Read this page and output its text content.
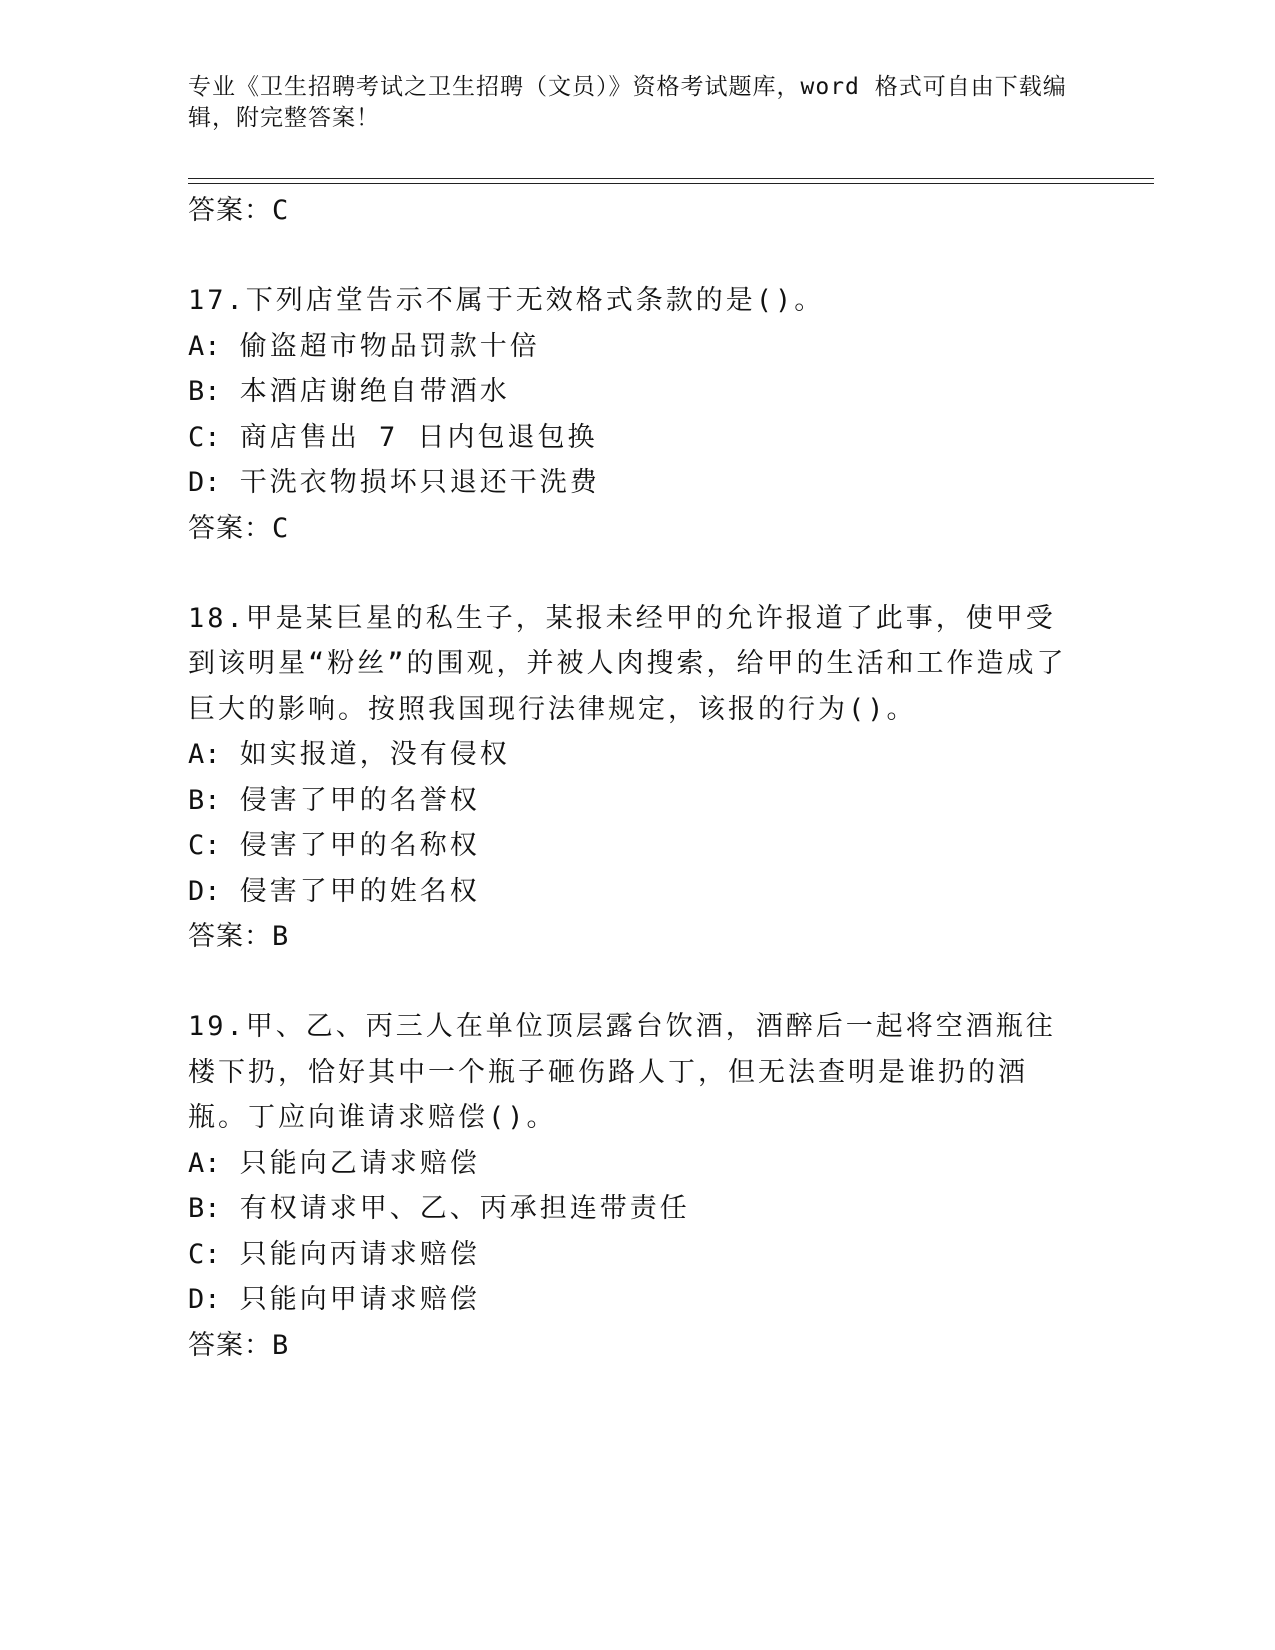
专业《卫生招聘考试之卫生招聘（文员）》资格考试题库，word 格式可自由下载编辑，附完整答案！
答案：C
17.下列店堂告示不属于无效格式条款的是()。
A: 偷盗超市物品罚款十倍
B: 本酒店谢绝自带酒水
C: 商店售出 7 日内包退包换
D: 干洗衣物损坏只退还干洗费
答案：C
18.甲是某巨星的私生子，某报未经甲的允许报道了此事，使甲受到该明星“粉丝”的围观，并被人肉搜索，给甲的生活和工作造成了巨大的影响。按照我国现行法律规定，该报的行为()。
A: 如实报道，没有侵权
B: 侵害了甲的名誉权
C: 侵害了甲的名称权
D: 侵害了甲的姓名权
答案：B
19.甲、乙、丙三人在单位顶层露台饮酒，酒醉后一起将空酒瓶往楼下扔，恰好其中一个瓶子砸伤路人丁，但无法查明是谁扔的酒瓶。丁应向谁请求赔偿()。
A: 只能向乙请求赔偿
B: 有权请求甲、乙、丙承担连带责任
C: 只能向丙请求赔偿
D: 只能向甲请求赔偿
答案：B
